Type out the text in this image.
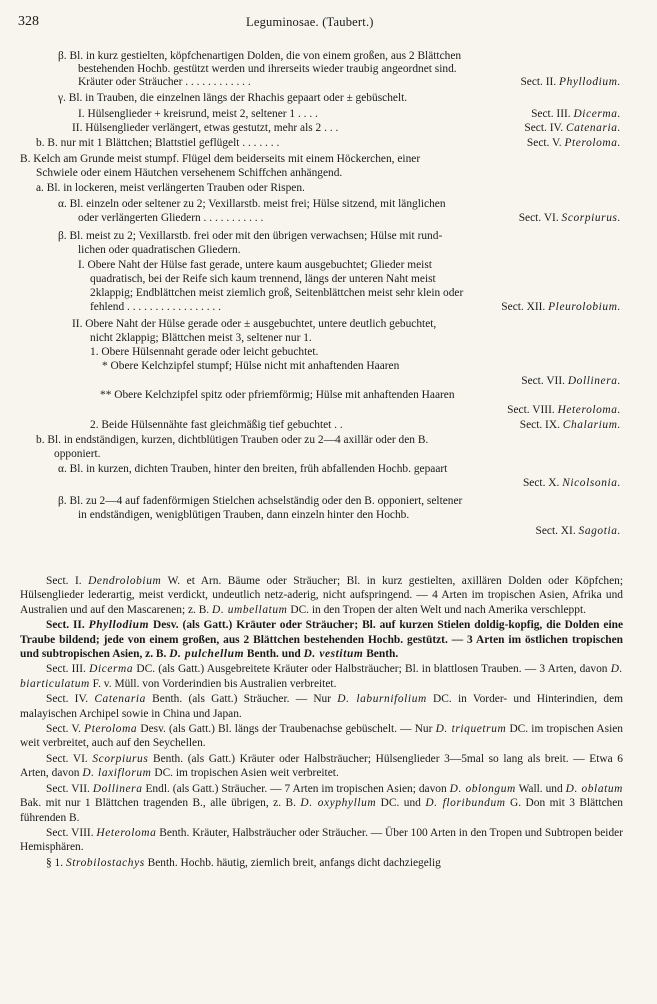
328	Leguminosae. (Taubert.)
β. Bl. in kurz gestielten, köpfchenartigen Dolden, die von einem großen, aus 2 Blättchen
bestehenden Hochb. gestützt werden und ihrerseits wieder traubig angeordnet sind.
Kräuter oder Sträucher . . . . . . . . . . . .	Sect. II. Phyllodium.
γ. Bl. in Trauben, die einzelnen längs der Rhachis gepaart oder ± gebüschelt.
I. Hülsenglieder + kreisrund, meist 2, seltener 1 . . . .	Sect. III. Dicerma.
II. Hülsenglieder verlängert, etwas gestutzt, mehr als 2 . . .	Sect. IV. Catenaria.
b. B. nur mit 1 Blättchen; Blattstiel geflügelt . . . . . . .	Sect. V. Pteroloma.
B. Kelch am Grunde meist stumpf. Flügel dem beiderseits mit einem Höckerchen, einer
Schwiele oder einem Häutchen versehenem Schiffchen anhängend.
a. Bl. in lockeren, meist verlängerten Trauben oder Rispen.
α. Bl. einzeln oder seltener zu 2; Vexillarstb. meist frei; Hülse sitzend, mit länglichen
oder verlängerten Gliedern . . . . . . . . . . .	Sect. VI. Scorpiurus.
β. Bl. meist zu 2; Vexillarstb. frei oder mit den übrigen verwachsen; Hülse mit rund-
lichen oder quadratischen Gliedern.
I. Obere Naht der Hülse fast gerade, untere kaum ausgebuchtet; Glieder meist
quadratisch, bei der Reife sich kaum trennend, längs der unteren Naht meist
2klappig; Endblättchen meist ziemlich groß, Seitenblättchen meist sehr klein oder
fehlend . . . . . . . . . . . . . . . . .	Sect. XII. Pleurolobium.
II. Obere Naht der Hülse gerade oder ± ausgebuchtet, untere deutlich gebuchtet,
nicht 2klappig; Blättchen meist 3, seltener nur 1.
1. Obere Hülsennaht gerade oder leicht gebuchtet.
* Obere Kelchzipfel stumpf; Hülse nicht mit anhaftenden Haaren
Sect. VII. Dollinera.
** Obere Kelchzipfel spitz oder pfriemförmig; Hülse mit anhaftenden Haaren
Sect. VIII. Heteroloma.
2. Beide Hülsennähte fast gleichmäßig tief gebuchtet . .	Sect. IX. Chalarium.
b. Bl. in endständigen, kurzen, dichtblütigen Trauben oder zu 2—4 axillär oder den B.
opponiert.
α. Bl. in kurzen, dichten Trauben, hinter den breiten, früh abfallenden Hochb. gepaart
Sect. X. Nicolsonia.
β. Bl. zu 2—4 auf fadenförmigen Stielchen achselständig oder den B. opponiert, seltener
in endständigen, wenigblütigen Trauben, dann einzeln hinter den Hochb.
Sect. XI. Sagotia.
Sect. I. Dendrolobium W. et Arn. Bäume oder Sträucher; Bl. in kurz gestielten, axillären Dolden oder Köpfchen; Hülsenglieder lederartig, meist verdickt, undeutlich netz-aderig, nicht aufspringend. — 4 Arten im tropischen Asien, Afrika und Australien und auf den Mascarenen; z. B. D. umbellatum DC. in den Tropen der alten Welt und nach Amerika verschleppt.
Sect. II. Phyllodium Desv. (als Gatt.) Kräuter oder Sträucher; Bl. auf kurzen Stielen doldig-kopfig, die Dolden eine Traube bildend; jede von einem großen, aus 2 Blättchen bestehenden Hochb. gestützt. — 3 Arten im östlichen tropischen und subtropischen Asien, z. B. D. pulchellum Benth. und D. vestitum Benth.
Sect. III. Dicerma DC. (als Gatt.) Ausgebreitete Kräuter oder Halbsträucher; Bl. in blattlosen Trauben. — 3 Arten, davon D. biarticulatum F. v. Müll. von Vorderindien bis Australien verbreitet.
Sect. IV. Catenaria Benth. (als Gatt.) Sträucher. — Nur D. laburnifolium DC. in Vorder- und Hinterindien, dem malayischen Archipel sowie in China und Japan.
Sect. V. Pteroloma Desv. (als Gatt.) Bl. längs der Traubenachse gebüschelt. — Nur D. triquetrum DC. im tropischen Asien weit verbreitet, auch auf den Seychellen.
Sect. VI. Scorpiurus Benth. (als Gatt.) Kräuter oder Halbsträucher; Hülsenglieder 3—5mal so lang als breit. — Etwa 6 Arten, davon D. laxiflorum DC. im tropischen Asien weit verbreitet.
Sect. VII. Dollinera Endl. (als Gatt.) Sträucher. — 7 Arten im tropischen Asien; davon D. oblongum Wall. und D. oblatum Bak. mit nur 1 Blättchen tragenden B., alle übrigen, z. B. D. oxyphyllum DC. und D. floribundum G. Don mit 3 Blättchen führenden B.
Sect. VIII. Heteroloma Benth. Kräuter, Halbsträucher oder Sträucher. — Über 100 Arten in den Tropen und Subtropen beider Hemisphären.
§ 1. Strobilostachys Benth. Hochb. häutig, ziemlich breit, anfangs dicht dachziegelig
